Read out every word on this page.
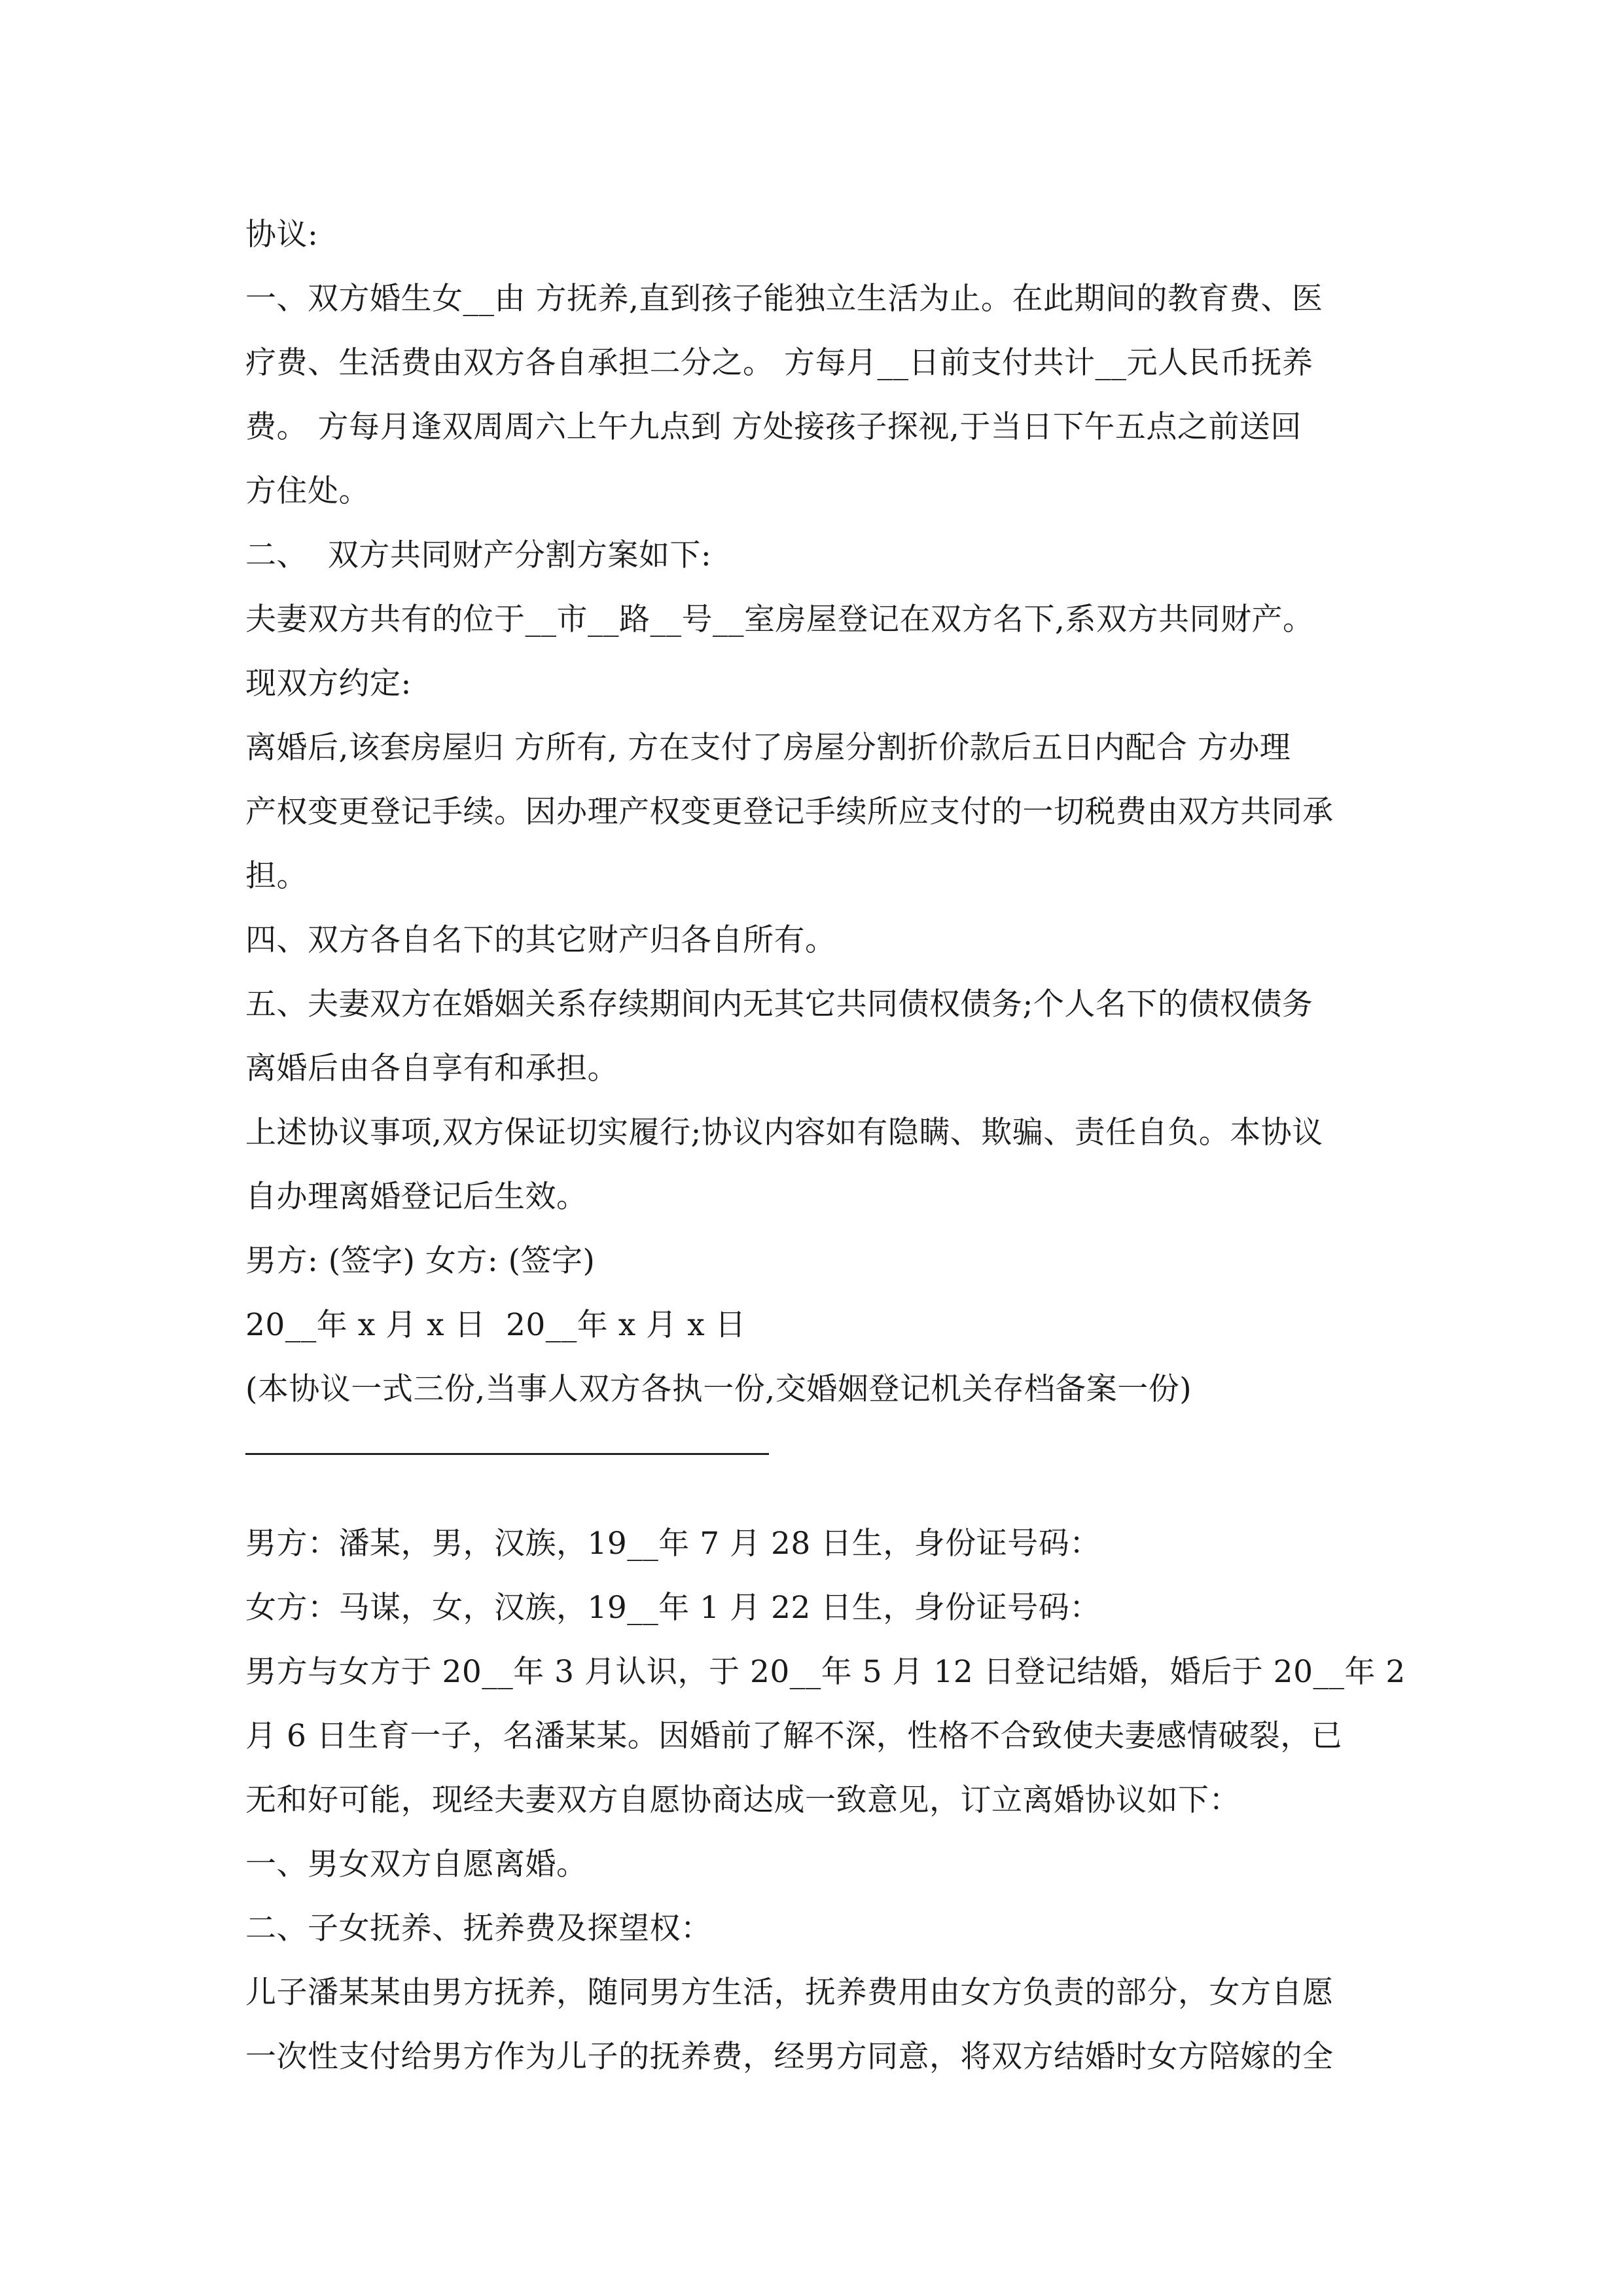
协议:
一、双方婚生女__由 方抚养,直到孩子能独立生活为止。在此期间的教育费、医
疗费、生活费由双方各自承担二分之。 方每月__日前支付共计__元人民币抚养
费。 方每月逢双周周六上午九点到 方处接孩子探视,于当日下午五点之前送回
方住处。
二、  双方共同财产分割方案如下:
夫妻双方共有的位于__市__路__号__室房屋登记在双方名下,系双方共同财产。
现双方约定:
离婚后,该套房屋归 方所有, 方在支付了房屋分割折价款后五日内配合 方办理
产权变更登记手续。因办理产权变更登记手续所应支付的一切税费由双方共同承
担。
四、双方各自名下的其它财产归各自所有。
五、夫妻双方在婚姻关系存续期间内无其它共同债权债务;个人名下的债权债务
离婚后由各自享有和承担。
上述协议事项,双方保证切实履行;协议内容如有隐瞒、欺骗、责任自负。本协议
自办理离婚登记后生效。
男方: (签字) 女方: (签字)
20__年 x 月 x 日  20__年 x 月 x 日
(本协议一式三份,当事人双方各执一份,交婚姻登记机关存档备案一份)
男方：潘某，男，汉族，19__年 7 月 28 日生，身份证号码：
女方：马谋，女，汉族，19__年 1 月 22 日生，身份证号码：
男方与女方于 20__年 3 月认识，于 20__年 5 月 12 日登记结婚，婚后于 20__年 2
月 6 日生育一子，名潘某某。因婚前了解不深，性格不合致使夫妻感情破裂，已
无和好可能，现经夫妻双方自愿协商达成一致意见，订立离婚协议如下：
一、男女双方自愿离婚。
二、子女抚养、抚养费及探望权：
儿子潘某某由男方抚养，随同男方生活，抚养费用由女方负责的部分，女方自愿
一次性支付给男方作为儿子的抚养费，经男方同意，将双方结婚时女方陪嫁的全
